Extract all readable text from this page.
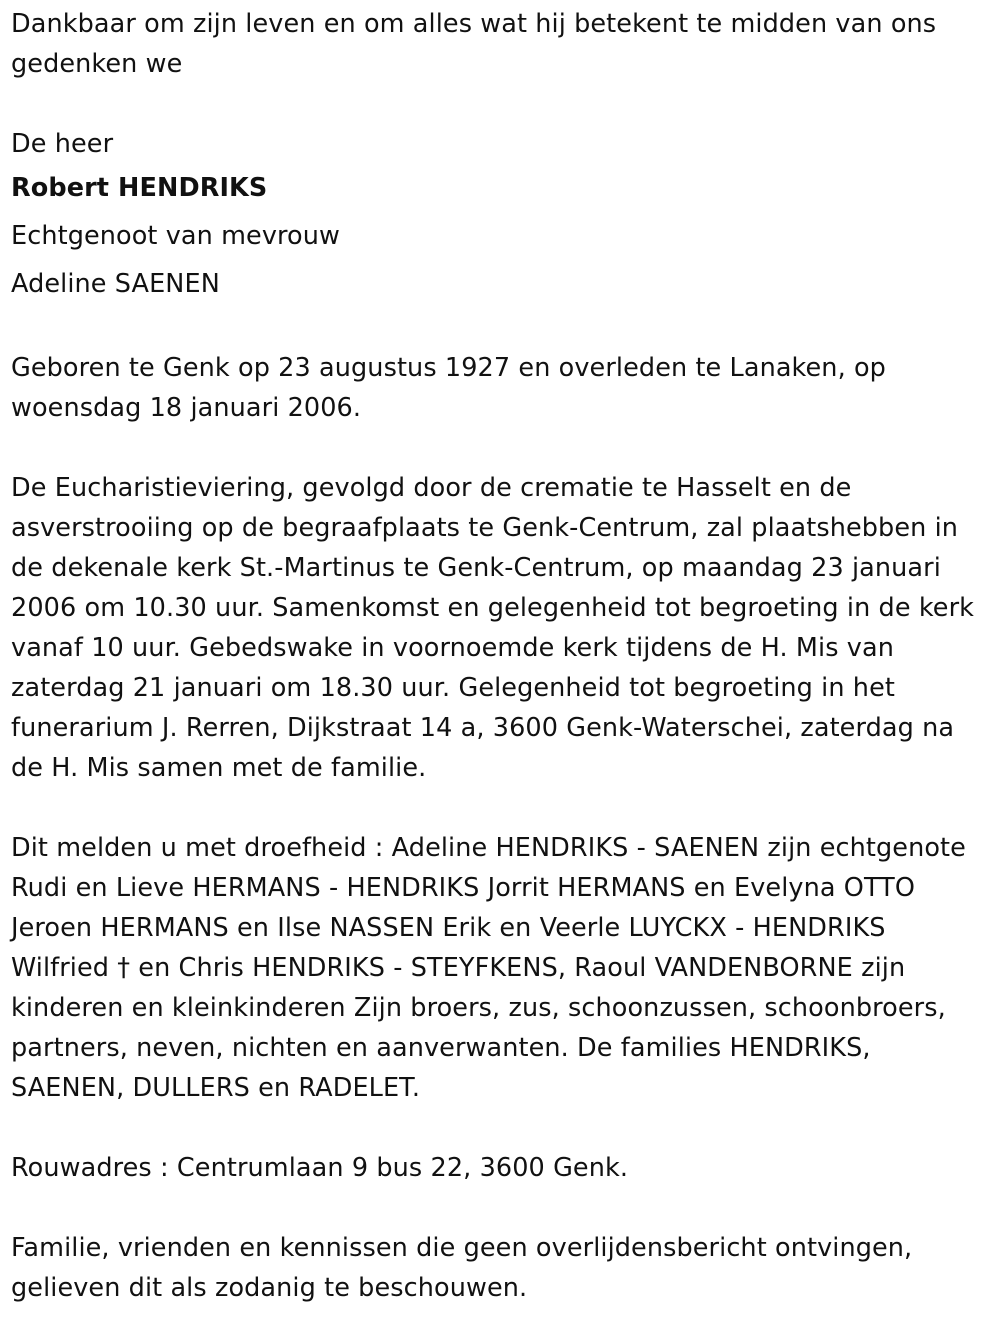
Dankbaar om zijn leven en om alles wat hij betekent te midden van ons gedenken we

De heer

Robert HENDRIKS

Echtgenoot van mevrouw

Adeline SAENEN

Geboren te Genk op 23 augustus 1927 en overleden te Lanaken, op woensdag 18 januari 2006.

De Eucharistieviering, gevolgd door de crematie te Hasselt en de asverstrooiing op de begraafplaats te Genk-Centrum, zal plaatshebben in de dekenale kerk St.-Martinus te Genk-Centrum, op maandag 23 januari 2006 om 10.30 uur. Samenkomst en gelegenheid tot begroeting in de kerk vanaf 10 uur. Gebedswake in voornoemde kerk tijdens de H. Mis van zaterdag 21 januari om 18.30 uur. Gelegenheid tot begroeting in het funerarium J. Rerren, Dijkstraat 14 a, 3600 Genk-Waterschei, zaterdag na de H. Mis samen met de familie.

Dit melden u met droefheid : Adeline HENDRIKS - SAENEN zijn echtgenote Rudi en Lieve HERMANS - HENDRIKS Jorrit HERMANS en Evelyna OTTO Jeroen HERMANS en Ilse NASSEN Erik en Veerle LUYCKX - HENDRIKS Wilfried † en Chris HENDRIKS - STEYFKENS, Raoul VANDENBORNE zijn kinderen en kleinkinderen Zijn broers, zus, schoonzussen, schoonbroers, partners, neven, nichten en aanverwanten. De families HENDRIKS, SAENEN, DULLERS en RADELET.

Rouwadres : Centrumlaan 9 bus 22, 3600 Genk.

Familie, vrienden en kennissen die geen overlijdensbericht ontvingen, gelieven dit als zodanig te beschouwen.
